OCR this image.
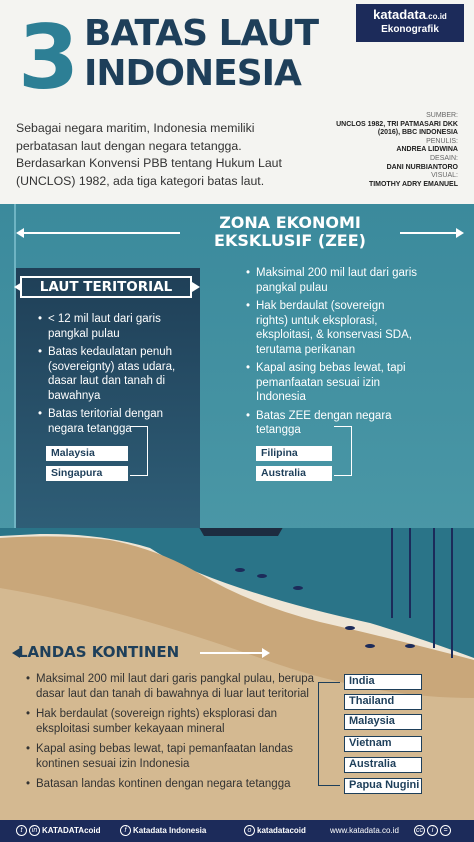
3 BATAS LAUT
INDONESIA
katadata.co.id
Ekonografik

Sebagai negara maritim, Indonesia memiliki perbatasan laut dengan negara tetangga. Berdasarkan Konvensi PBB tentang Hukum Laut (UNCLOS) 1982, ada tiga kategori batas laut.

SUMBER:
UNCLOS 1982, TRI PATMASARI DKK (2016), BBC INDONESIA
PENULIS:
ANDREA LIDWINA
DESAIN:
DANI NURBIANTORO
VISUAL:
TIMOTHY ADRY EMANUEL
ZONA EKONOMI
EKSKLUSIF (ZEE)
LAUT TERITORIAL
• < 12 mil laut dari garis pangkal pulau
• Batas kedaulatan penuh (sovereignty) atas udara, dasar laut dan tanah di bawahnya
• Batas teritorial dengan negara tetangga
Malaysia
Singapura
• Maksimal 200 mil laut dari garis pangkal pulau
• Hak berdaulat (sovereign rights) untuk eksplorasi, eksploitasi, & konservasi SDA, terutama perikanan
• Kapal asing bebas lewat, tapi pemanfaatan sesuai izin Indonesia
• Batas ZEE dengan negara tetangga
Filipina
Australia
LANDAS KONTINEN
• Maksimal 200 mil laut dari garis pangkal pulau, berupa dasar laut dan tanah di bawahnya di luar laut teritorial
• Hak berdaulat (sovereign rights) eksplorasi dan eksploitasi sumber kekayaan mineral
• Kapal asing bebas lewat, tapi pemanfaatan landas kontinen sesuai izin Indonesia
• Batasan landas kontinen dengan negara tetangga
India
Thailand
Malaysia
Vietnam
Australia
Papua Nugini
t in KATADATAcoid	f Katadata Indonesia	o katadatacoid	www.katadata.co.id cc i =
